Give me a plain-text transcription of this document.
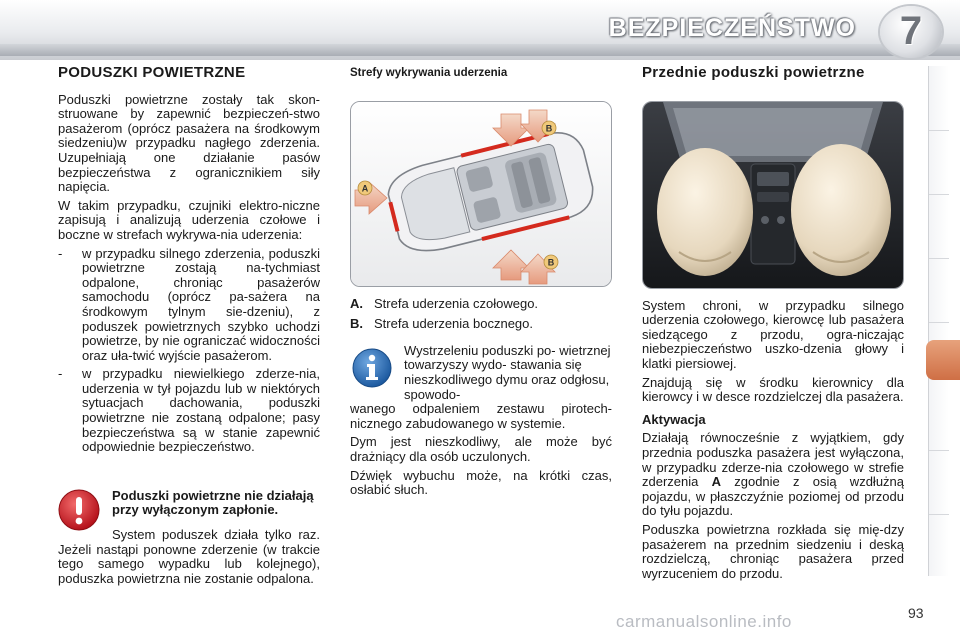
BEZPIECZEŃSTWO	7
PODUSZKI POWIETRZNE

Poduszki powietrzne zostały tak skon-struowane by zapewnić bezpieczeń-stwo pasażerom (oprócz pasażera na środkowym siedzeniu)w przypadku nagłego zderzenia. Uzupełniają one działanie pasów bezpieczeństwa z ogranicznikiem siły napięcia.

W takim przypadku, czujniki elektro-niczne zapisują i analizują uderzenia czołowe i boczne w strefach wykrywa-nia uderzenia:

-	w przypadku silnego zderzenia, poduszki powietrzne zostają na-tychmiast odpalone, chroniąc pasażerów samochodu (oprócz pa-sażera na środkowym tylnym sie-dzeniu), z poduszek powietrznych szybko uchodzi powietrze, by nie ograniczać widoczności oraz uła-twić wyjście pasażerom.
-	w przypadku niewielkiego zderze-nia, uderzenia w tył pojazdu lub w niektórych sytuacjach dachowania, poduszki powietrzne nie zostaną odpalone; pasy bezpieczeństwa są w stanie zapewnić odpowiednie bezpieczeństwo.
Poduszki powietrzne nie działają przy wyłączonym zapłonie.

System poduszek działa tylko raz. Jeżeli nastąpi ponowne zderzenie (w trakcie tego samego wypadku lub kolejnego), poduszka powietrzna nie zostanie odpalona.

Strefy wykrywania uderzenia
A
B
B
A. Strefa uderzenia czołowego.
B. Strefa uderzenia bocznego.
Wystrzeleniu poduszki po- wietrznej towarzyszy wydo- stawania się nieszkodliwego dymu oraz odgłosu, spowodo-

wanego odpaleniem zestawu pirotech-nicznego zabudowanego w systemie.

Dym jest nieszkodliwy, ale może być drażniący dla osób uczulonych.

Dźwięk wybuchu może, na krótki czas, osłabić słuch.

Przednie poduszki powietrzne

System chroni, w przypadku silnego uderzenia czołowego, kierowcę lub pasażera siedzącego z przodu, ogra-niczając niebezpieczeństwo uszko-dzenia głowy i klatki piersiowej.

Znajdują się w środku kierownicy dla kierowcy i w desce rozdzielczej dla pasażera.

Aktywacja

Działają równocześnie z wyjątkiem, gdy przednia poduszka pasażera jest wyłączona, w przypadku zderze-nia czołowego w strefie zderzenia A zgodnie z osią wzdłużną pojazdu, w płaszczyźnie poziomej od przodu do tyłu pojazdu.

Poduszka powietrzna rozkłada się mię-dzy pasażerem na przednim siedzeniu i deską rozdzielczą, chroniąc pasażera przed wyrzuceniem do przodu.

carmanualsonline.info	93
